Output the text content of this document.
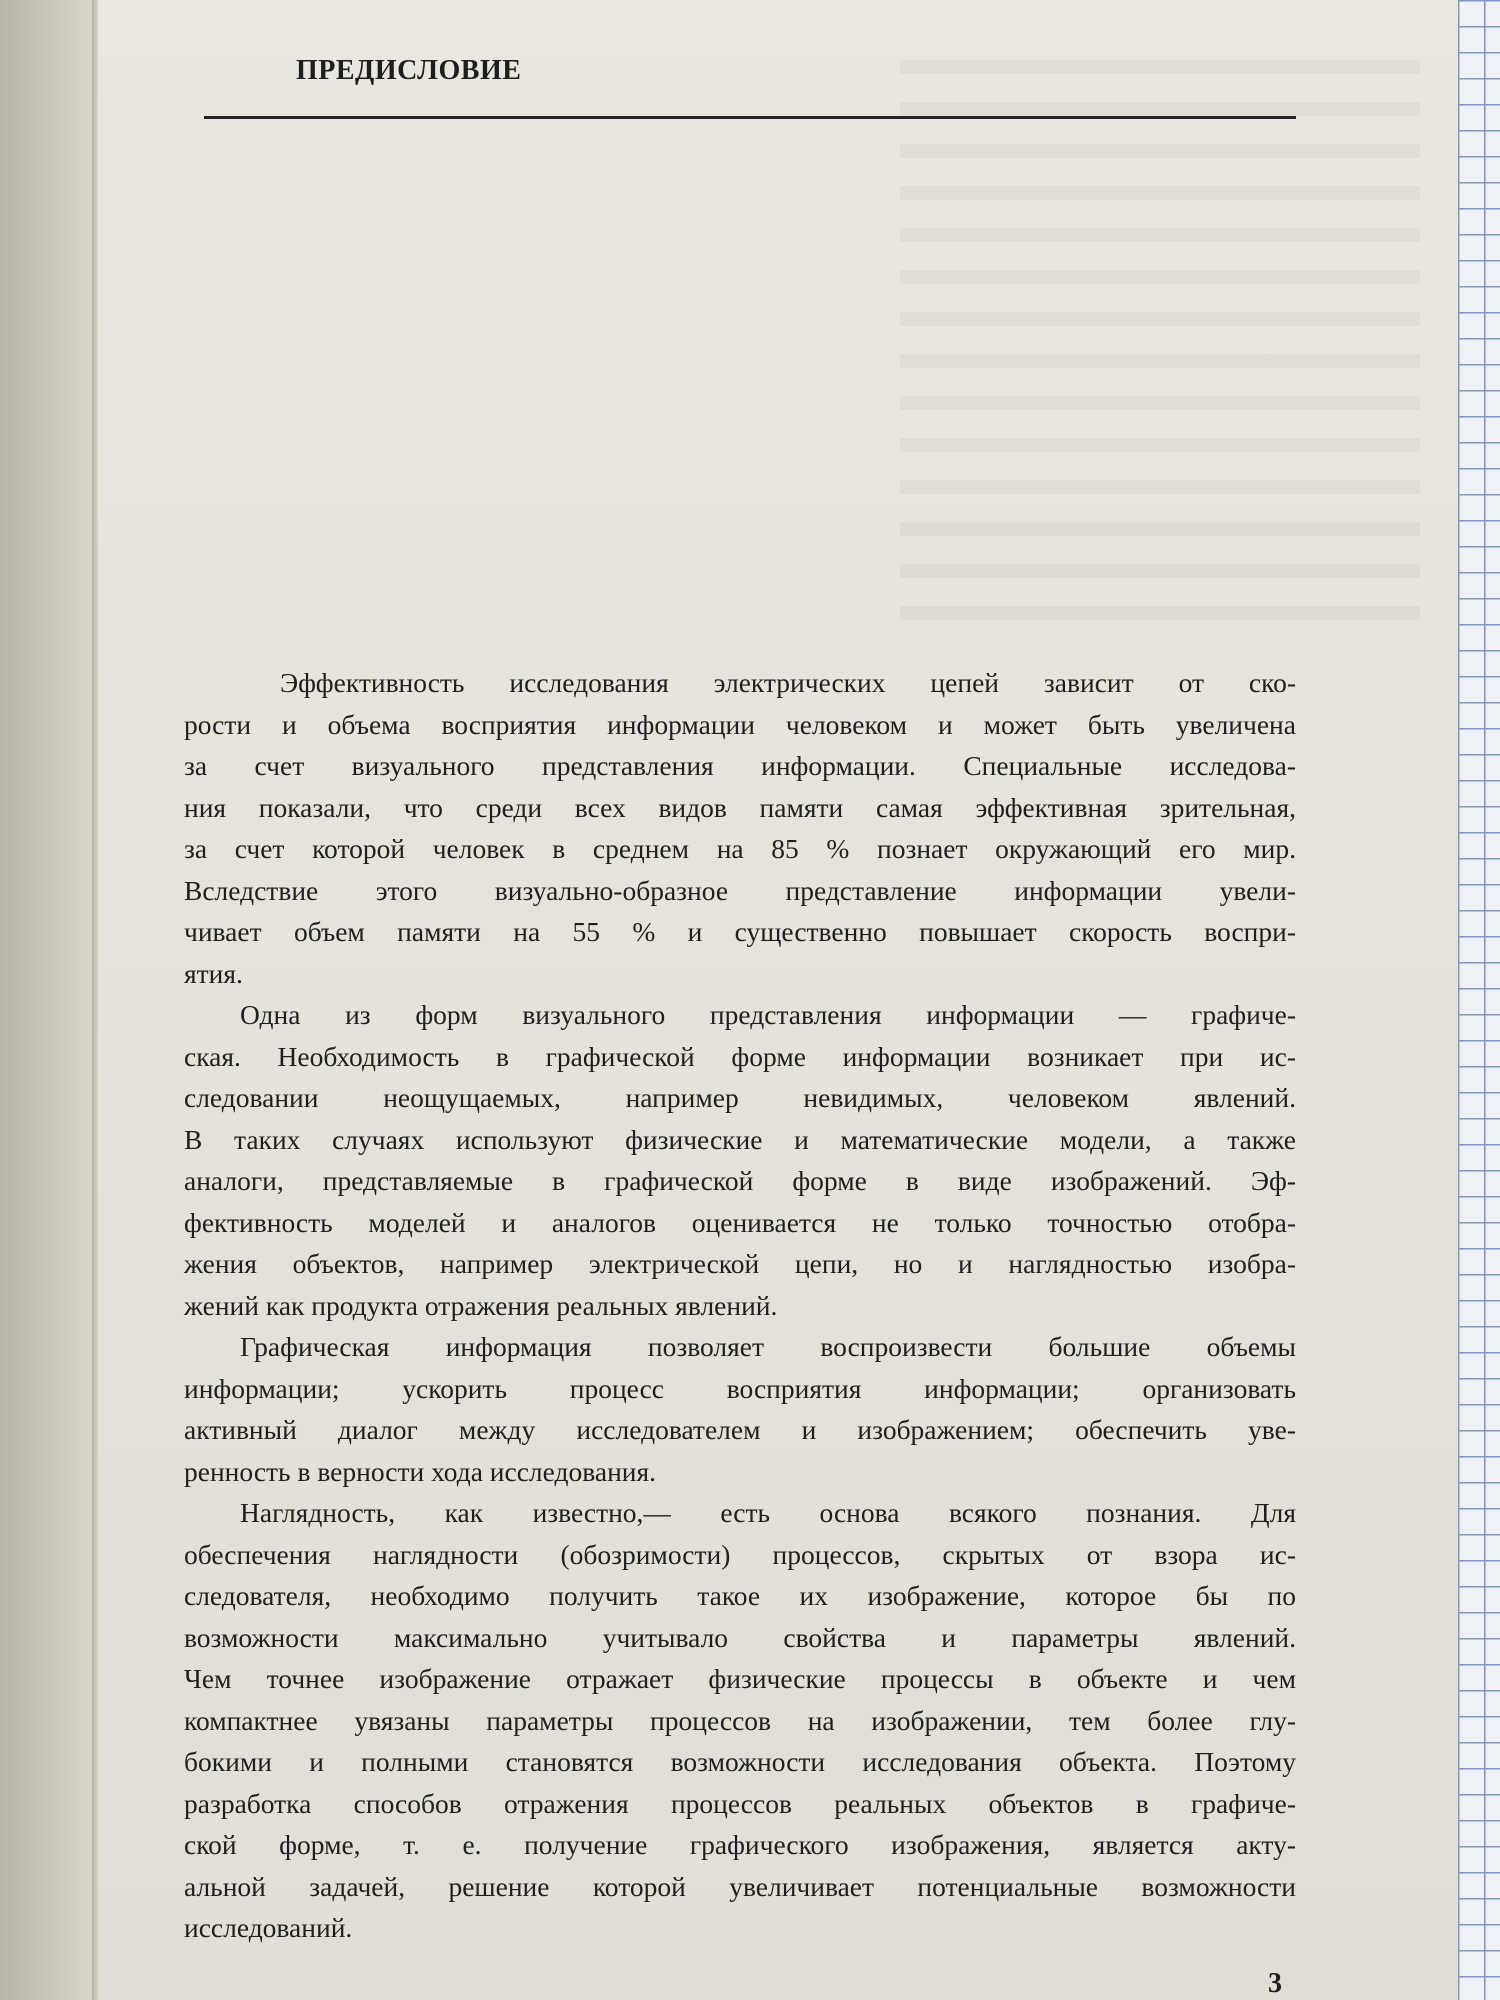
ПРЕДИСЛОВИЕ
Эффективность исследования электрических цепей зависит от ско-
рости и объема восприятия информации человеком и может быть увеличена
за счет визуального представления информации. Специальные исследова-
ния показали, что среди всех видов памяти самая эффективная зрительная,
за счет которой человек в среднем на 85 % познает окружающий его мир.
Вследствие этого визуально-образное представление информации увели-
чивает объем памяти на 55 % и существенно повышает скорость воспри-
ятия.
Одна из форм визуального представления информации — графиче-
ская. Необходимость в графической форме информации возникает при ис-
следовании неощущаемых, например невидимых, человеком явлений.
В таких случаях используют физические и математические модели, а также
аналоги, представляемые в графической форме в виде изображений. Эф-
фективность моделей и аналогов оценивается не только точностью отобра-
жения объектов, например электрической цепи, но и наглядностью изобра-
жений как продукта отражения реальных явлений.
Графическая информация позволяет воспроизвести большие объемы
информации; ускорить процесс восприятия информации; организовать
активный диалог между исследователем и изображением; обеспечить уве-
ренность в верности хода исследования.
Наглядность, как известно,— есть основа всякого познания. Для
обеспечения наглядности (обозримости) процессов, скрытых от взора ис-
следователя, необходимо получить такое их изображение, которое бы по
возможности максимально учитывало свойства и параметры явлений.
Чем точнее изображение отражает физические процессы в объекте и чем
компактнее увязаны параметры процессов на изображении, тем более глу-
бокими и полными становятся возможности исследования объекта. Поэтому
разработка способов отражения процессов реальных объектов в графиче-
ской форме, т. е. получение графического изображения, является акту-
альной задачей, решение которой увеличивает потенциальные возможности
исследований.
3
